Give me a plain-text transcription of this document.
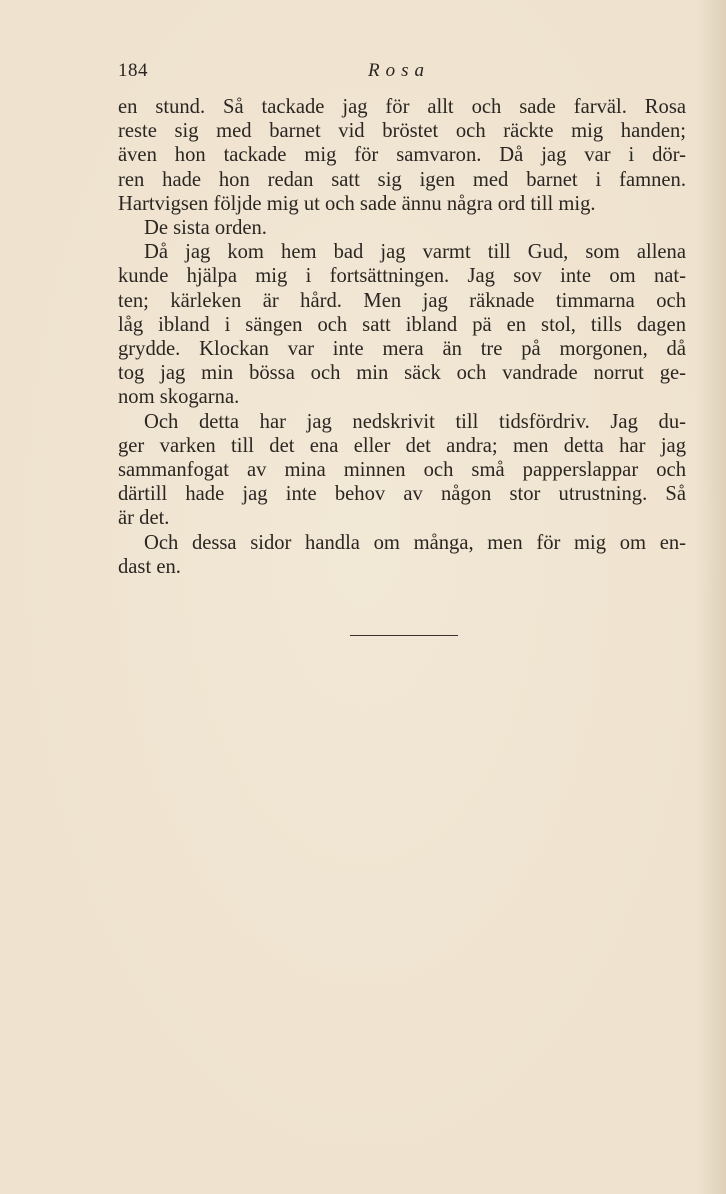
184	Rosa

en stund. Så tackade jag för allt och sade farväl. Rosa
reste sig med barnet vid bröstet och räckte mig handen;
även hon tackade mig för samvaron. Då jag var i dör-
ren hade hon redan satt sig igen med barnet i famnen.
Hartvigsen följde mig ut och sade ännu några ord till mig.

De sista orden.

Då jag kom hem bad jag varmt till Gud, som allena
kunde hjälpa mig i fortsättningen. Jag sov inte om nat-
ten; kärleken är hård. Men jag räknade timmarna och
låg ibland i sängen och satt ibland pä en stol, tills dagen
grydde. Klockan var inte mera än tre på morgonen, då
tog jag min bössa och min säck och vandrade norrut ge-
nom skogarna.

Och detta har jag nedskrivit till tidsfördriv. Jag du-
ger varken till det ena eller det andra; men detta har jag
sammanfogat av mina minnen och små papperslappar och
därtill hade jag inte behov av någon stor utrustning. Så
är det.

Och dessa sidor handla om många, men för mig om en-
dast en.
